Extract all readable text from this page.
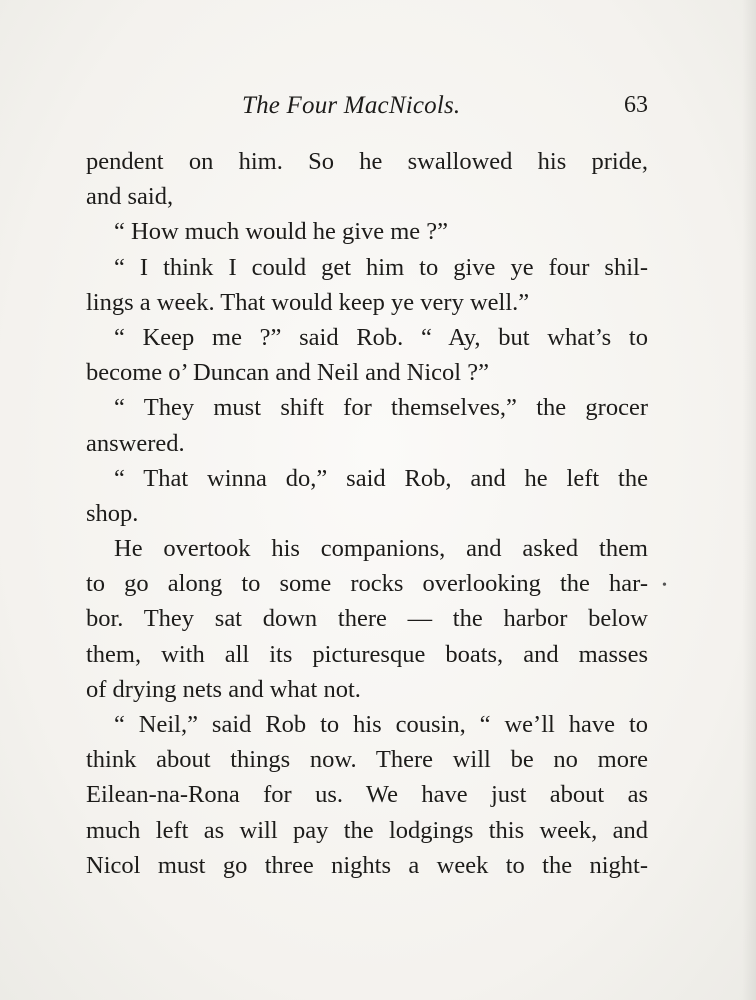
The Four MacNicols.	63
pendent on him. So he swallowed his pride,
and said,
“ How much would he give me ?”
“ I think I could get him to give ye four shil-
lings a week. That would keep ye very well.”
“ Keep me ?” said Rob. “ Ay, but what’s to
become o’ Duncan and Neil and Nicol ?”
“ They must shift for themselves,” the grocer
answered.
“ That winna do,” said Rob, and he left the
shop.
He overtook his companions, and asked them
to go along to some rocks overlooking the har-
bor. They sat down there — the harbor below
them, with all its picturesque boats, and masses
of drying nets and what not.
“ Neil,” said Rob to his cousin, “ we’ll have to
think about things now. There will be no more
Eilean-na-Rona for us. We have just about as
much left as will pay the lodgings this week, and
Nicol must go three nights a week to the night-
•
